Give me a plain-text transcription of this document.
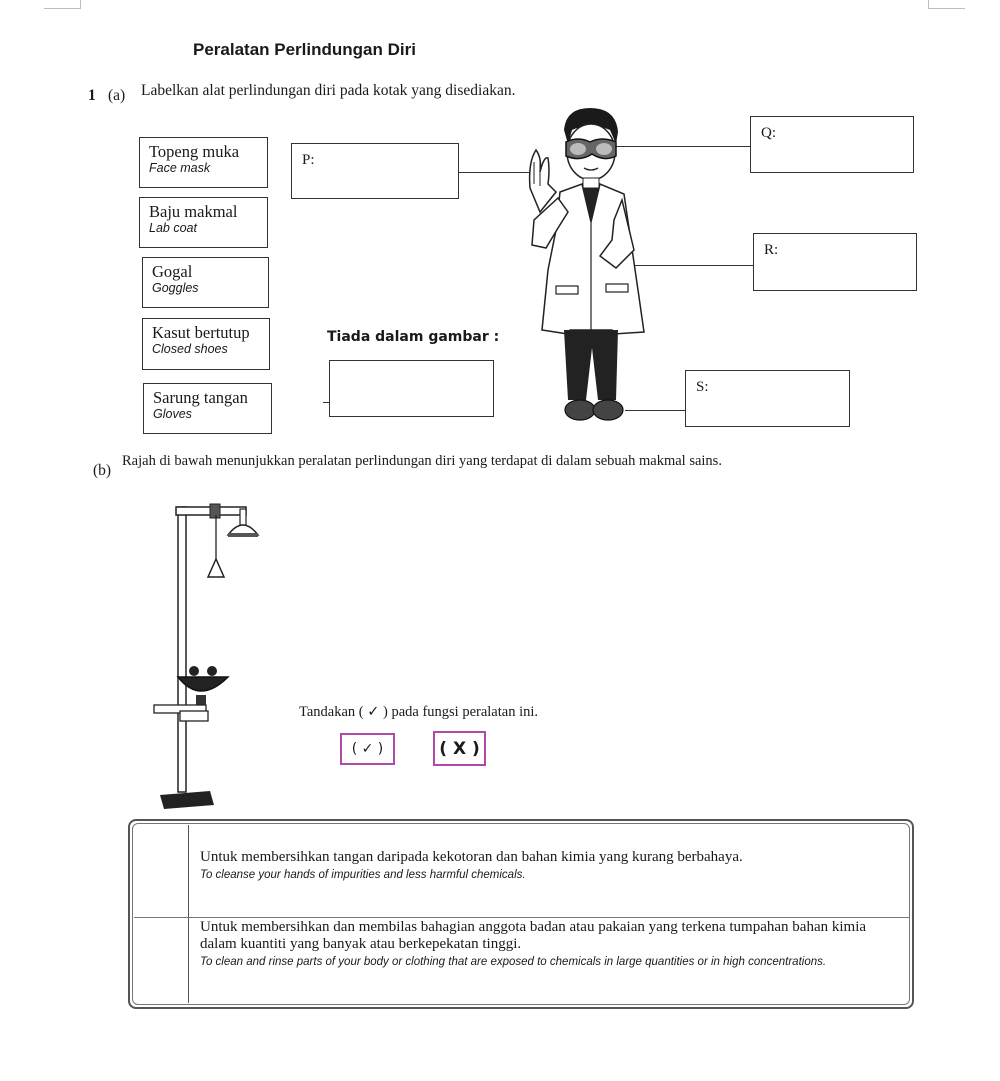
Peralatan Perlindungan Diri
1 (a) Labelkan alat perlindungan diri pada kotak yang disediakan.
Topeng muka
Face mask
Baju makmal
Lab coat
Gogal
Goggles
Kasut bertutup
Closed shoes
Sarung tangan
Gloves
P:
Q:
R:
S:
Tiada dalam gambar :
(b)
Rajah di bawah menunjukkan peralatan perlindungan diri yang terdapat di dalam sebuah makmal sains.
Tandakan ( ✓ ) pada fungsi peralatan ini.
( ✓ )	( X )
Untuk membersihkan tangan daripada kekotoran dan bahan kimia yang kurang berbahaya.
To cleanse your hands of impurities and less harmful chemicals.
Untuk membersihkan dan membilas bahagian anggota badan atau pakaian yang terkena tumpahan bahan kimia dalam kuantiti yang banyak atau berkepekatan tinggi.
To clean and rinse parts of your body or clothing that are exposed to chemicals in large quantities or in high concentrations.
